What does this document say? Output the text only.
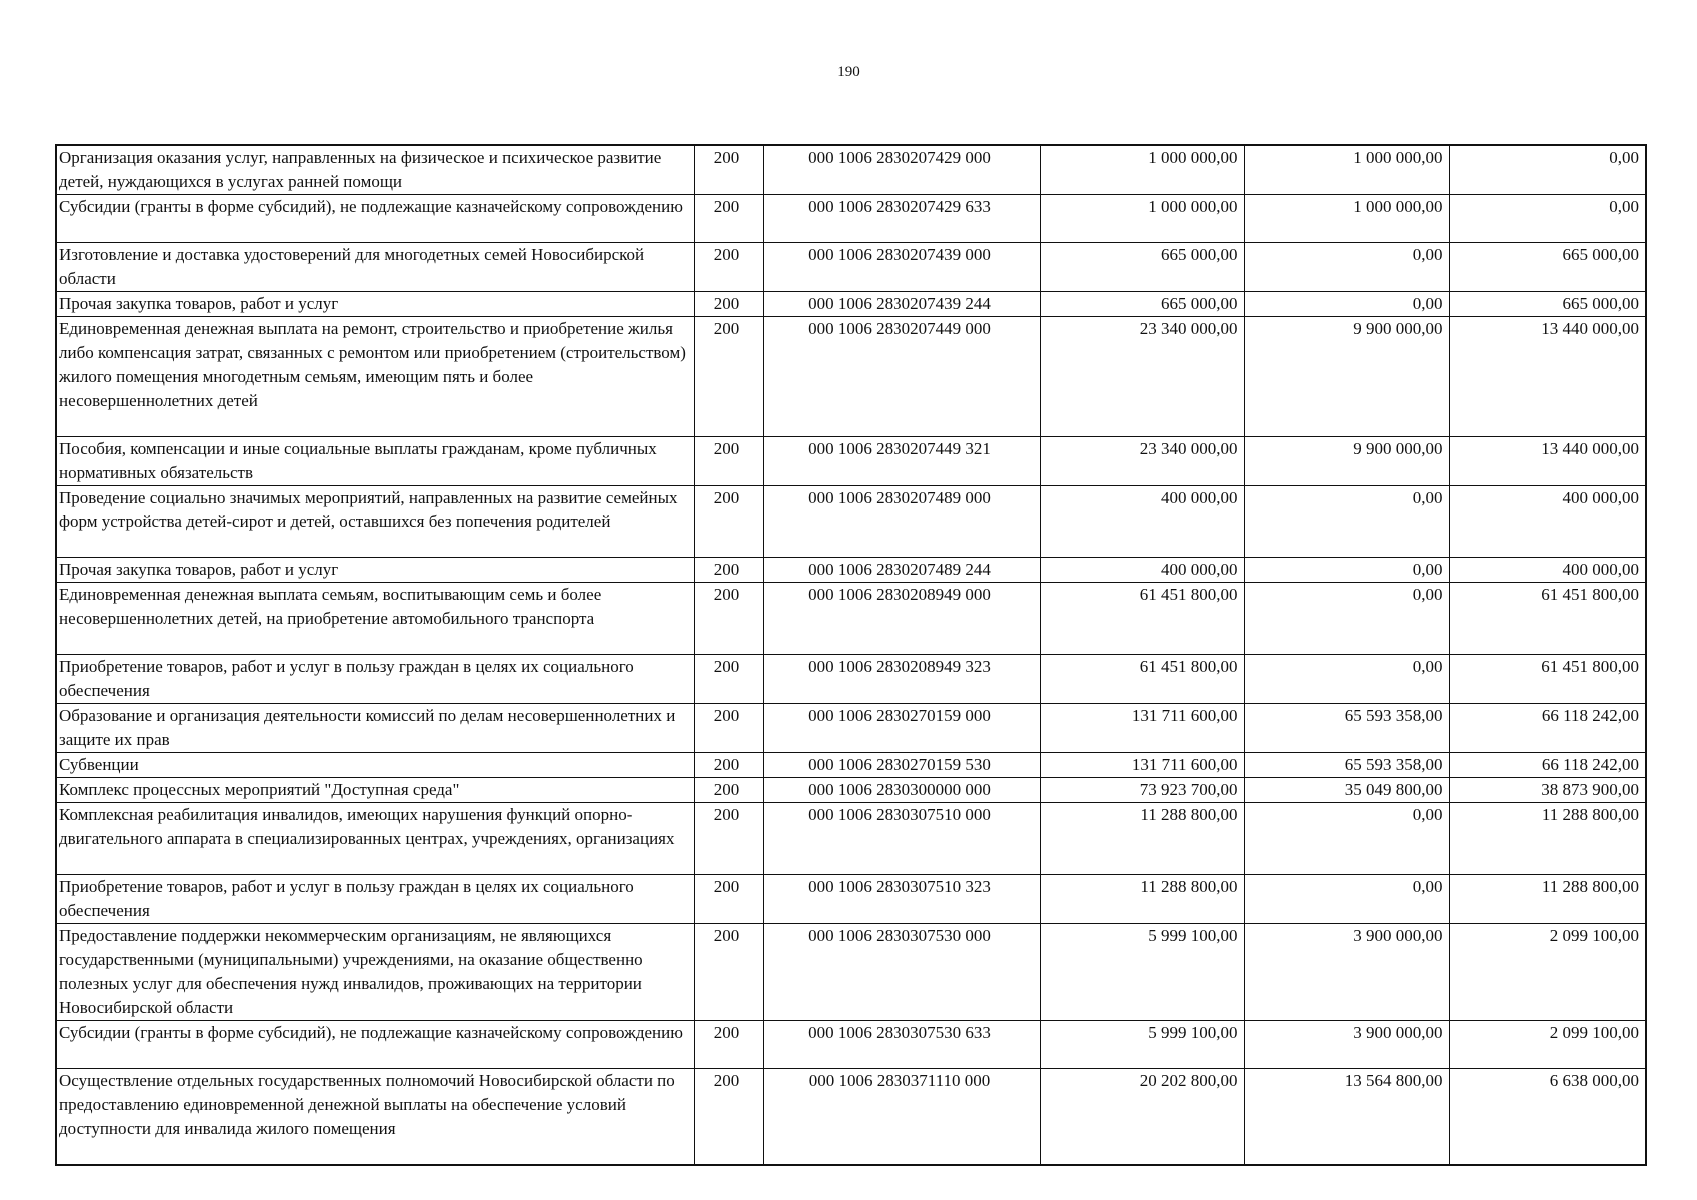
190
Организация оказания услуг, направленных на физическое и психическое развитие детей, нуждающихся в услугах ранней помощи	200	000 1006 2830207429 000	1 000 000,00	1 000 000,00	0,00
Субсидии (гранты в форме субсидий), не подлежащие казначейскому сопровождению	200	000 1006 2830207429 633	1 000 000,00	1 000 000,00	0,00
Изготовление и доставка удостоверений для многодетных семей Новосибирской области	200	000 1006 2830207439 000	665 000,00	0,00	665 000,00
Прочая закупка товаров, работ и услуг	200	000 1006 2830207439 244	665 000,00	0,00	665 000,00
Единовременная денежная выплата на ремонт, строительство и приобретение жилья либо компенсация затрат, связанных с ремонтом или приобретением (строительством) жилого помещения многодетным семьям, имеющим пять и более несовершеннолетних детей	200	000 1006 2830207449 000	23 340 000,00	9 900 000,00	13 440 000,00
Пособия, компенсации и иные социальные выплаты гражданам, кроме публичных нормативных обязательств	200	000 1006 2830207449 321	23 340 000,00	9 900 000,00	13 440 000,00
Проведение социально значимых мероприятий, направленных на развитие семейных форм устройства детей-сирот и детей, оставшихся без попечения родителей	200	000 1006 2830207489 000	400 000,00	0,00	400 000,00
Прочая закупка товаров, работ и услуг	200	000 1006 2830207489 244	400 000,00	0,00	400 000,00
Единовременная денежная выплата семьям, воспитывающим семь и более несовершеннолетних детей, на приобретение автомобильного транспорта	200	000 1006 2830208949 000	61 451 800,00	0,00	61 451 800,00
Приобретение товаров, работ и услуг в пользу граждан в целях их социального обеспечения	200	000 1006 2830208949 323	61 451 800,00	0,00	61 451 800,00
Образование и организация деятельности комиссий по делам несовершеннолетних и защите их прав	200	000 1006 2830270159 000	131 711 600,00	65 593 358,00	66 118 242,00
Субвенции	200	000 1006 2830270159 530	131 711 600,00	65 593 358,00	66 118 242,00
Комплекс процессных мероприятий "Доступная среда"	200	000 1006 2830300000 000	73 923 700,00	35 049 800,00	38 873 900,00
Комплексная реабилитация инвалидов, имеющих нарушения функций опорно-двигательного аппарата в специализированных центрах, учреждениях, организациях	200	000 1006 2830307510 000	11 288 800,00	0,00	11 288 800,00
Приобретение товаров, работ и услуг в пользу граждан в целях их социального обеспечения	200	000 1006 2830307510 323	11 288 800,00	0,00	11 288 800,00
Предоставление поддержки некоммерческим организациям, не являющихся государственными (муниципальными) учреждениями, на оказание общественно полезных услуг для обеспечения нужд инвалидов, проживающих на территории Новосибирской области	200	000 1006 2830307530 000	5 999 100,00	3 900 000,00	2 099 100,00
Субсидии (гранты в форме субсидий), не подлежащие казначейскому сопровождению	200	000 1006 2830307530 633	5 999 100,00	3 900 000,00	2 099 100,00
Осуществление отдельных государственных полномочий Новосибирской области по предоставлению единовременной денежной выплаты на обеспечение условий доступности для инвалида жилого помещения	200	000 1006 2830371110 000	20 202 800,00	13 564 800,00	6 638 000,00
